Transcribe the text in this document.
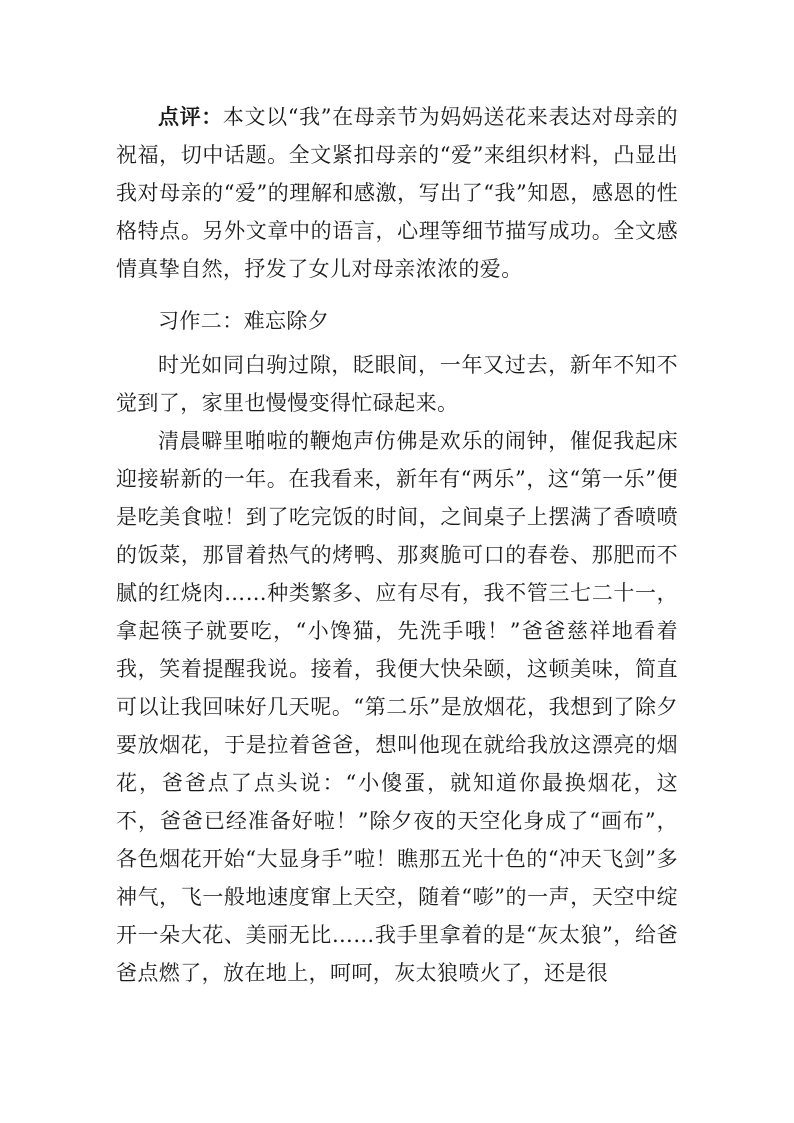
点评：本文以“我”在母亲节为妈妈送花来表达对母亲的祝福，切中话题。全文紧扣母亲的“爱”来组织材料，凸显出我对母亲的“爱”的理解和感激，写出了“我”知恩，感恩的性格特点。另外文章中的语言，心理等细节描写成功。全文感情真挚自然，抒发了女儿对母亲浓浓的爱。

习作二：难忘除夕

时光如同白驹过隙，眨眼间，一年又过去，新年不知不觉到了，家里也慢慢变得忙碌起来。

清晨噼里啪啦的鞭炮声仿佛是欢乐的闹钟，催促我起床迎接崭新的一年。在我看来，新年有“两乐”，这“第一乐”便是吃美食啦！到了吃完饭的时间，之间桌子上摆满了香喷喷的饭菜，那冒着热气的烤鸭、那爽脆可口的春卷、那肥而不腻的红烧肉……种类繁多、应有尽有，我不管三七二十一，拿起筷子就要吃，“小馋猫，先洗手哦！”爸爸慈祥地看着我，笑着提醒我说。接着，我便大快朵颐，这顿美味，简直可以让我回味好几天呢。“第二乐”是放烟花，我想到了除夕要放烟花，于是拉着爸爸，想叫他现在就给我放这漂亮的烟花，爸爸点了点头说：“小傻蛋，就知道你最换烟花，这不，爸爸已经准备好啦！”除夕夜的天空化身成了“画布”，各色烟花开始“大显身手”啦！瞧那五光十色的“冲天飞剑”多神气，飞一般地速度窜上天空，随着“嘭”的一声，天空中绽开一朵大花、美丽无比……我手里拿着的是“灰太狼”，给爸爸点燃了，放在地上，呵呵，灰太狼喷火了，还是很
